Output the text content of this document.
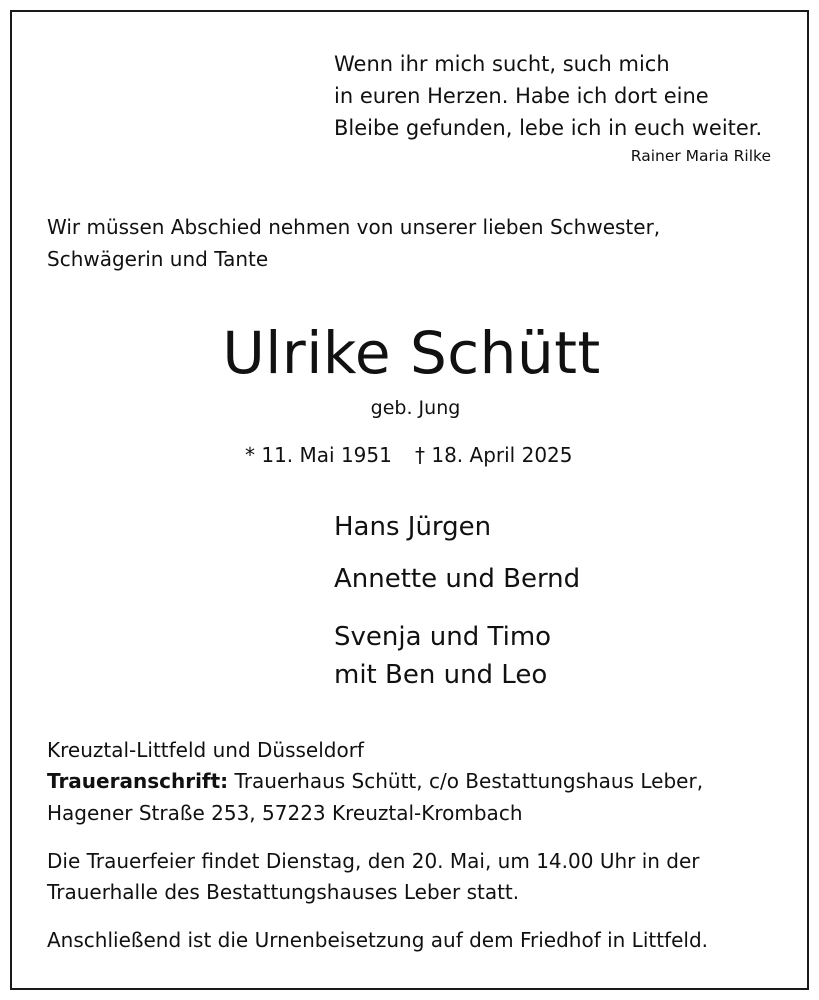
Wenn ihr mich sucht, such mich
in euren Herzen. Habe ich dort eine
Bleibe gefunden, lebe ich in euch weiter.
Rainer Maria Rilke
Wir müssen Abschied nehmen von unserer lieben Schwester,
Schwägerin und Tante
Ulrike Schütt
geb. Jung
* 11. Mai 1951 † 18. April 2025
Hans Jürgen
Annette und Bernd
Svenja und Timo
mit Ben und Leo
Kreuztal-Littfeld und Düsseldorf
Traueranschrift: Trauerhaus Schütt, c/o Bestattungshaus Leber,
Hagener Straße 253, 57223 Kreuztal-Krombach
Die Trauerfeier findet Dienstag, den 20. Mai, um 14.00 Uhr in der
Trauerhalle des Bestattungshauses Leber statt.
Anschließend ist die Urnenbeisetzung auf dem Friedhof in Littfeld.
